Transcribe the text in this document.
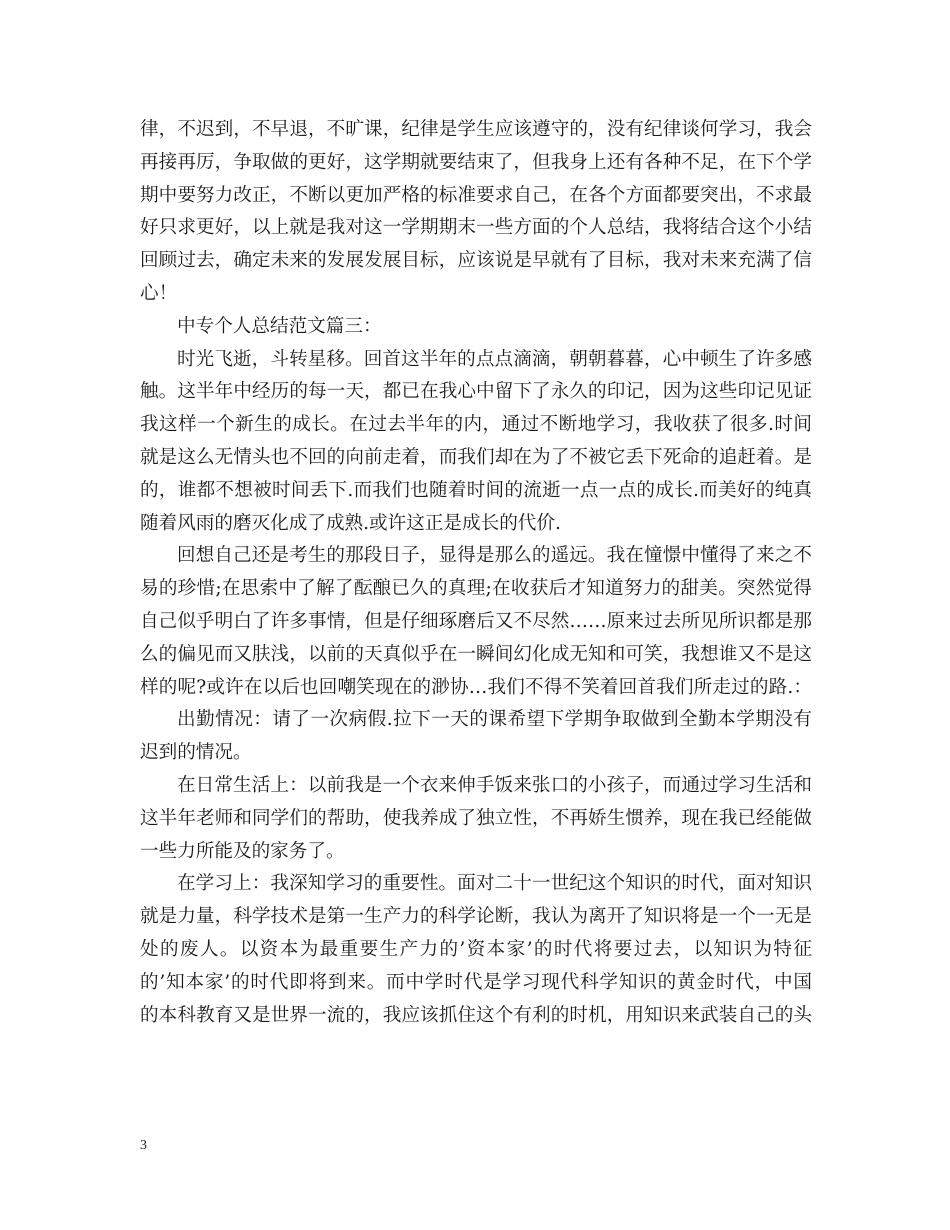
律，不迟到，不早退，不旷课，纪律是学生应该遵守的，没有纪律谈何学习，我会
再接再厉，争取做的更好，这学期就要结束了，但我身上还有各种不足，在下个学
期中要努力改正，不断以更加严格的标准要求自己，在各个方面都要突出，不求最
好只求更好，以上就是我对这一学期期末一些方面的个人总结，我将结合这个小结
回顾过去，确定未来的发展发展目标，应该说是早就有了目标，我对未来充满了信
心！
中专个人总结范文篇三：
时光飞逝，斗转星移。回首这半年的点点滴滴，朝朝暮暮，心中顿生了许多感
触。这半年中经历的每一天，都已在我心中留下了永久的印记，因为这些印记见证
我这样一个新生的成长。在过去半年的内，通过不断地学习，我收获了很多.时间
就是这么无情头也不回的向前走着，而我们却在为了不被它丢下死命的追赶着。是
的，谁都不想被时间丢下.而我们也随着时间的流逝一点一点的成长.而美好的纯真
随着风雨的磨灭化成了成熟.或许这正是成长的代价.
回想自己还是考生的那段日子，显得是那么的遥远。我在憧憬中懂得了来之不
易的珍惜;在思索中了解了酝酿已久的真理;在收获后才知道努力的甜美。突然觉得
自己似乎明白了许多事情，但是仔细琢磨后又不尽然……原来过去所见所识都是那
么的偏见而又肤浅，以前的天真似乎在一瞬间幻化成无知和可笑，我想谁又不是这
样的呢?或许在以后也回嘲笑现在的渺协…我们不得不笑着回首我们所走过的路.：
出勤情况：请了一次病假.拉下一天的课希望下学期争取做到全勤本学期没有
迟到的情况。
在日常生活上：以前我是一个衣来伸手饭来张口的小孩子，而通过学习生活和
这半年老师和同学们的帮助，使我养成了独立性，不再娇生惯养，现在我已经能做
一些力所能及的家务了。
在学习上：我深知学习的重要性。面对二十一世纪这个知识的时代，面对知识
就是力量，科学技术是第一生产力的科学论断，我认为离开了知识将是一个一无是
处的废人。以资本为最重要生产力的’资本家’的时代将要过去，以知识为特征
的’知本家’的时代即将到来。而中学时代是学习现代科学知识的黄金时代，中国
的本科教育又是世界一流的，我应该抓住这个有利的时机，用知识来武装自己的头
3
